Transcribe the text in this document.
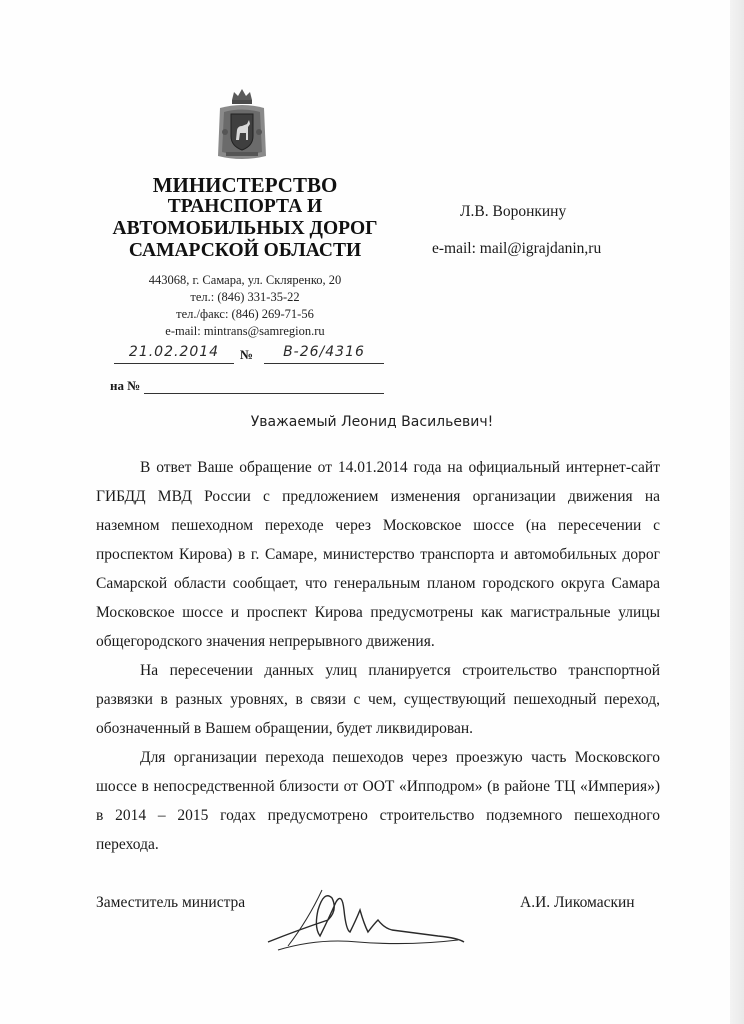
МИНИСТЕРСТВО
ТРАНСПОРТА И
АВТОМОБИЛЬНЫХ ДОРОГ
САМАРСКОЙ ОБЛАСТИ
443068, г. Самара, ул. Скляренко, 20
тел.: (846) 331-35-22
тел./факс: (846) 269-71-56
e-mail: mintrans@samregion.ru
21.02.2014	№	В-26/4316
на №
Л.В. Воронкину
e-mail: mail@igrajdanin,ru
Уважаемый Леонид Васильевич!

В ответ Ваше обращение от 14.01.2014 года на официальный интернет-сайт ГИБДД МВД России с предложением изменения организации движения на наземном пешеходном переходе через Московское шоссе (на пересечении с проспектом Кирова) в г. Самаре, министерство транспорта и автомобильных дорог Самарской области сообщает, что генеральным планом городского округа Самара Московское шоссе и проспект Кирова предусмотрены как магистральные улицы общегородского значения непрерывного движения.

На пересечении данных улиц планируется строительство транспортной развязки в разных уровнях, в связи с чем, существующий пешеходный переход, обозначенный в Вашем обращении, будет ликвидирован.

Для организации перехода пешеходов через проезжую часть Московского шоссе в непосредственной близости от ООТ «Ипподром» (в районе ТЦ «Империя») в 2014 – 2015 годах предусмотрено строительство подземного пешеходного перехода.

Заместитель министра	А.И. Ликомаскин
